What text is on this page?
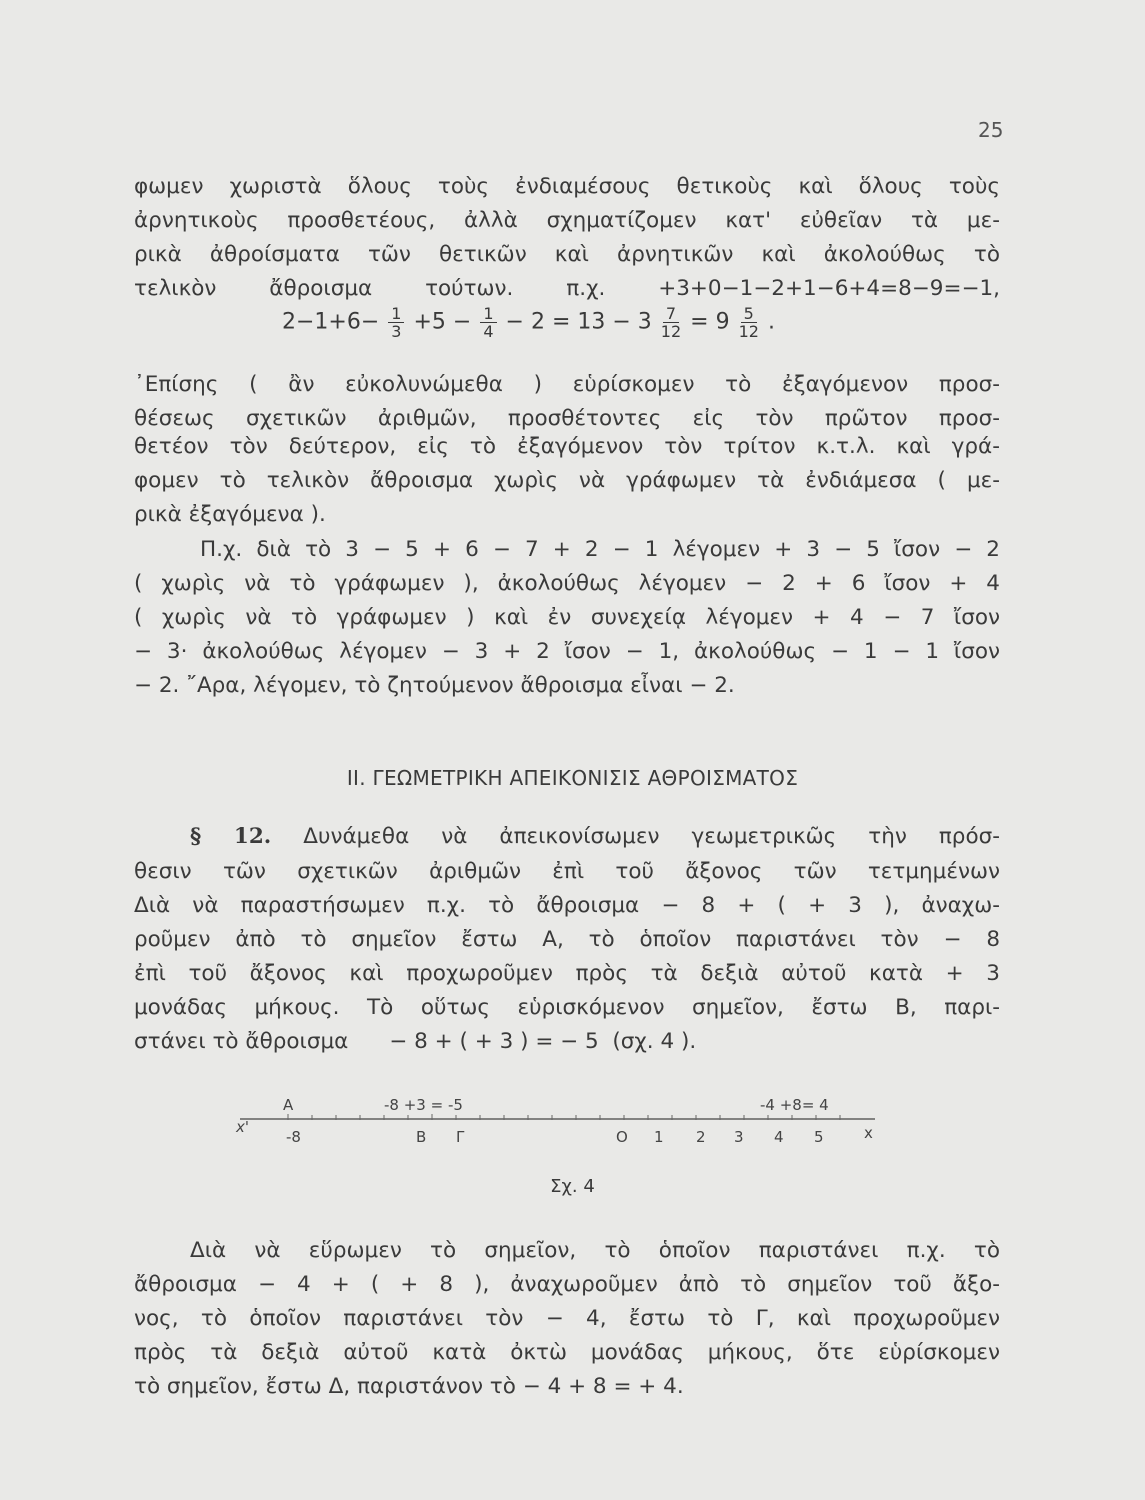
25
φωμεν χωριστὰ ὅλους τοὺς ἐνδιαμέσους θετικοὺς καὶ ὅλους τοὺς
ἀρνητικοὺς προσθετέους, ἀλλὰ σχηματίζομεν κατ' εὐθεῖαν τὰ με-
ρικὰ ἀθροίσματα τῶν θετικῶν καὶ ἀρνητικῶν καὶ ἀκολούθως τὸ
τελικὸν ἄθροισμα τούτων. π.χ. +3+0−1−2+1−6+4=8−9=−1,
$2-1+6- \frac{1}{3} +5 - \frac{1}{4} - 2 = 13 - 3 \frac{7}{12} = 9 \frac{5}{12}$ .
᾿Επίσης ( ἂν εὐκολυνώμεθα ) εὑρίσκομεν τὸ ἐξαγόμενον προσ-
θέσεως σχετικῶν ἀριθμῶν, προσθέτοντες εἰς τὸν πρῶτον προσ-
θετέον τὸν δεύτερον, εἰς τὸ ἐξαγόμενον τὸν τρίτον κ.τ.λ. καὶ γρά-
φομεν τὸ τελικὸν ἄθροισμα χωρὶς νὰ γράφωμεν τὰ ἐνδιάμεσα ( με-
ρικὰ ἐξαγόμενα ).
Π.χ. διὰ τὸ 3 − 5 + 6 − 7 + 2 − 1 λέγομεν + 3 − 5 ἴσον − 2
( χωρὶς νὰ τὸ γράφωμεν ), ἀκολούθως λέγομεν − 2 + 6 ἴσον + 4
( χωρὶς νὰ τὸ γράφωμεν ) καὶ ἐν συνεχείᾳ λέγομεν + 4 − 7 ἴσον
− 3· ἀκολούθως λέγομεν − 3 + 2 ἴσον − 1, ἀκολούθως − 1 − 1 ἴσον
− 2. ῎Αρα, λέγομεν, τὸ ζητούμενον ἄθροισμα εἶναι − 2.
ΙΙ. ΓΕΩΜΕΤΡΙΚΗ ΑΠΕΙΚΟΝΙΣΙΣ ΑΘΡΟΙΣΜΑΤΟΣ
§ 12. Δυνάμεθα νὰ ἀπεικονίσωμεν γεωμετρικῶς τὴν πρόσ-
θεσιν τῶν σχετικῶν ἀριθμῶν ἐπὶ τοῦ ἄξονος τῶν τετμημένων
Διὰ νὰ παραστήσωμεν π.χ. τὸ ἄθροισμα − 8 + ( + 3 ), ἀναχω-
ροῦμεν ἀπὸ τὸ σημεῖον ἔστω Α, τὸ ὁποῖον παριστάνει τὸν − 8
ἐπὶ τοῦ ἄξονος καὶ προχωροῦμεν πρὸς τὰ δεξιὰ αὐτοῦ κατὰ + 3
μονάδας μήκους. Τὸ οὕτως εὑρισκόμενον σημεῖον, ἔστω Β, παρι-
στάνει τὸ ἄθροισμα      − 8 + ( + 3 ) = − 5  (σχ. 4 ).
A	-8 +3 = -5	-4 +8= 4
x'
-8	B Γ	O 1 2 3 4 5	x
Σχ. 4
Διὰ νὰ εὕρωμεν τὸ σημεῖον, τὸ ὁποῖον παριστάνει π.χ. τὸ
ἄθροισμα − 4 + ( + 8 ), ἀναχωροῦμεν ἀπὸ τὸ σημεῖον τοῦ ἄξο-
νος, τὸ ὁποῖον παριστάνει τὸν − 4, ἔστω τὸ Γ, καὶ προχωροῦμεν
πρὸς τὰ δεξιὰ αὐτοῦ κατὰ ὀκτὼ μονάδας μήκους, ὅτε εὑρίσκομεν
τὸ σημεῖον, ἔστω Δ, παριστάνον τὸ − 4 + 8 = + 4.
